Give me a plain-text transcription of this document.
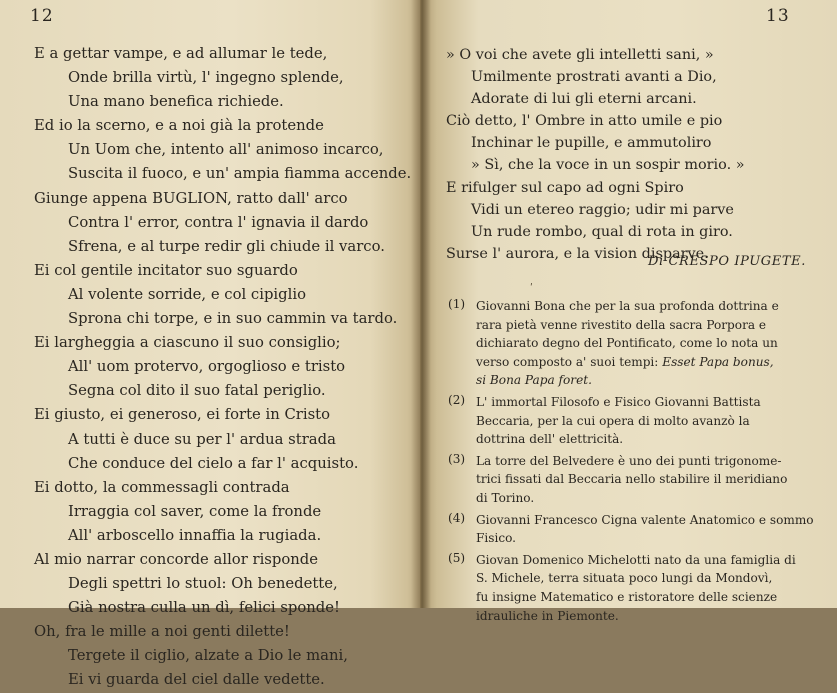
12
E a gettar vampe, e ad allumar le tede,
Onde brilla virtù, l' ingegno splende,
Una mano benefica richiede.
Ed io la scerno, e a noi già la protende
Un Uom che, intento all' animoso incarco,
Suscita il fuoco, e un' ampia fiamma accende.
Giunge appena BUGLION, ratto dall' arco
Contra l' error, contra l' ignavia il dardo
Sfrena, e al turpe redir gli chiude il varco.
Ei col gentile incitator suo sguardo
Al volente sorride, e col cipiglio
Sprona chi torpe, e in suo cammin va tardo.
Ei largheggia a ciascuno il suo consiglio;
All' uom protervo, orgoglioso e tristo
Segna col dito il suo fatal periglio.
Ei giusto, ei generoso, ei forte in Cristo
A tutti è duce su per l' ardua strada
Che conduce del cielo a far l' acquisto.
Ei dotto, la commessagli contrada
Irraggia col saver, come la fronde
All' arboscello innaffia la rugiada.
Al mio narrar concorde allor risponde
Degli spettri lo stuol: Oh benedette,
Già nostra culla un dì, felici sponde!
Oh, fra le mille a noi genti dilette!
Tergete il ciglio, alzate a Dio le mani,
Ei vi guarda del ciel dalle vedette.
13
» O voi che avete gli intelletti sani, »
Umilmente prostrati avanti a Dio,
Adorate di lui gli eterni arcani.
Ciò detto, l' Ombre in atto umile e pio
Inchinar le pupille, e ammutoliro
» Sì, che la voce in un sospir morio. »
E rifulger sul capo ad ogni Spiro
Vidi un etereo raggio; udir mi parve
Un rude rombo, qual di rota in giro.
Surse l' aurora, e la vision disparve.
Di CRESPO IPUGETE.
ʹ
(1) Giovanni Bona che per la sua profonda dottrina e
rara pietà venne rivestito della sacra Porpora e
dichiarato degno del Pontificato, come lo nota un
verso composto a' suoi tempi: Esset Papa bonus,
si Bona Papa foret.
(2) L' immortal Filosofo e Fisico Giovanni Battista
Beccaria, per la cui opera di molto avanzò la
dottrina dell' elettricità.
(3) La torre del Belvedere è uno dei punti trigonome-
trici fissati dal Beccaria nello stabilire il meridiano
di Torino.
(4) Giovanni Francesco Cigna valente Anatomico e sommo
Fisico.
(5) Giovan Domenico Michelotti nato da una famiglia di
S. Michele, terra situata poco lungi da Mondovì,
fu insigne Matematico e ristoratore delle scienze
idrauliche in Piemonte.
